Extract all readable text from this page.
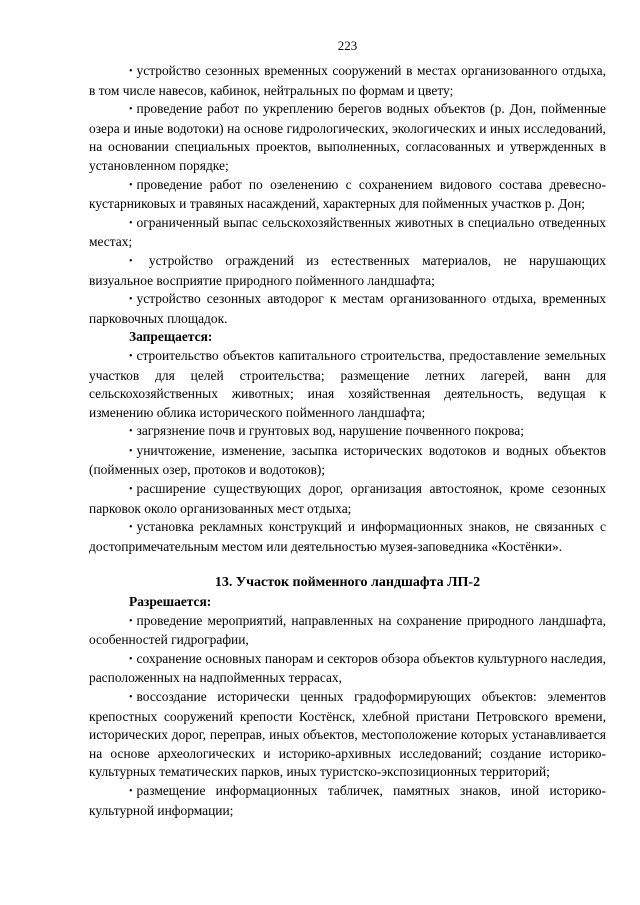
223

• устройство сезонных временных сооружений в местах организованного отдыха, в том числе навесов, кабинок, нейтральных по формам и цвету;

• проведение работ по укреплению берегов водных объектов (р. Дон, пойменные озера и иные водотоки) на основе гидрологических, экологических и иных исследований, на основании специальных проектов, выполненных, согласованных и утвержденных в установленном порядке;

• проведение работ по озеленению с сохранением видового состава древесно-кустарниковых и травяных насаждений, характерных для пойменных участков р. Дон;

• ограниченный выпас сельскохозяйственных животных в специально отведенных местах;

• устройство ограждений из естественных материалов, не нарушающих визуальное восприятие природного пойменного ландшафта;

• устройство сезонных автодорог к местам организованного отдыха, временных парковочных площадок.

Запрещается:

• строительство объектов капитального строительства, предоставление земельных участков для целей строительства; размещение летних лагерей, ванн для сельскохозяйственных животных; иная хозяйственная деятельность, ведущая к изменению облика исторического пойменного ландшафта;

• загрязнение почв и грунтовых вод, нарушение почвенного покрова;

• уничтожение, изменение, засыпка исторических водотоков и водных объектов (пойменных озер, протоков и водотоков);

• расширение существующих дорог, организация автостоянок, кроме сезонных парковок около организованных мест отдыха;

• установка рекламных конструкций и информационных знаков, не связанных с достопримечательным местом или деятельностью музея-заповедника «Костёнки».

13. Участок пойменного ландшафта ЛП-2
Разрешается:

• проведение мероприятий, направленных на сохранение природного ландшафта, особенностей гидрографии,

• сохранение основных панорам и секторов обзора объектов культурного наследия, расположенных на надпойменных террасах,

• воссоздание исторически ценных градоформирующих объектов: элементов крепостных сооружений крепости Костёнск, хлебной пристани Петровского времени, исторических дорог, переправ, иных объектов, местоположение которых устанавливается на основе археологических и историко-архивных исследований; создание историко-культурных тематических парков, иных туристско-экспозиционных территорий;

• размещение информационных табличек, памятных знаков, иной историко-культурной информации;
